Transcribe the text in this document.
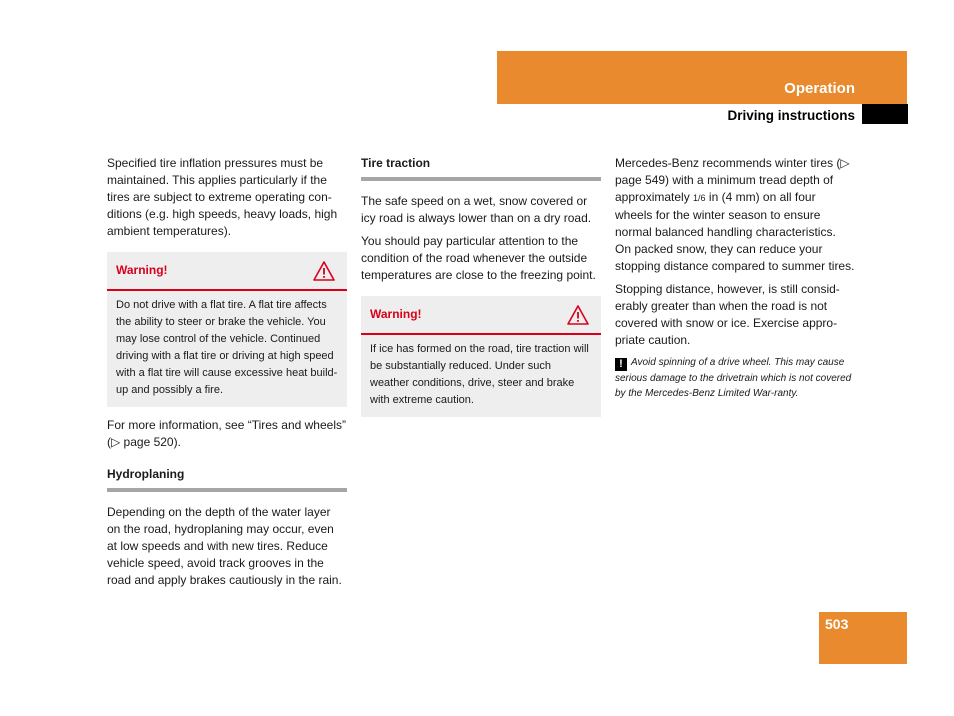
Operation
Driving instructions

Specified tire inflation pressures must be maintained. This applies particularly if the tires are subject to extreme operating con-ditions (e.g. high speeds, heavy loads, high ambient temperatures).

Warning!
Do not drive with a flat tire. A flat tire affects the ability to steer or brake the vehicle. You may lose control of the vehicle. Continued driving with a flat tire or driving at high speed with a flat tire will cause excessive heat build-up and possibly a fire.

For more information, see “Tires and wheels” (▷ page 520).

Hydroplaning

Depending on the depth of the water layer on the road, hydroplaning may occur, even at low speeds and with new tires. Reduce vehicle speed, avoid track grooves in the road and apply brakes cautiously in the rain.

Tire traction

The safe speed on a wet, snow covered or icy road is always lower than on a dry road.

You should pay particular attention to the condition of the road whenever the outside temperatures are close to the freezing point.

Warning!
If ice has formed on the road, tire traction will be substantially reduced. Under such weather conditions, drive, steer and brake with extreme caution.

Mercedes-Benz recommends winter tires (▷ page 549) with a minimum tread depth of approximately 1/6 in (4 mm) on all four wheels for the winter season to ensure normal balanced handling characteristics. On packed snow, they can reduce your stopping distance compared to summer tires.

Stopping distance, however, is still consid-erably greater than when the road is not covered with snow or ice. Exercise appro-priate caution.

! Avoid spinning of a drive wheel. This may cause serious damage to the drivetrain which is not covered by the Mercedes-Benz Limited War-ranty.
503
